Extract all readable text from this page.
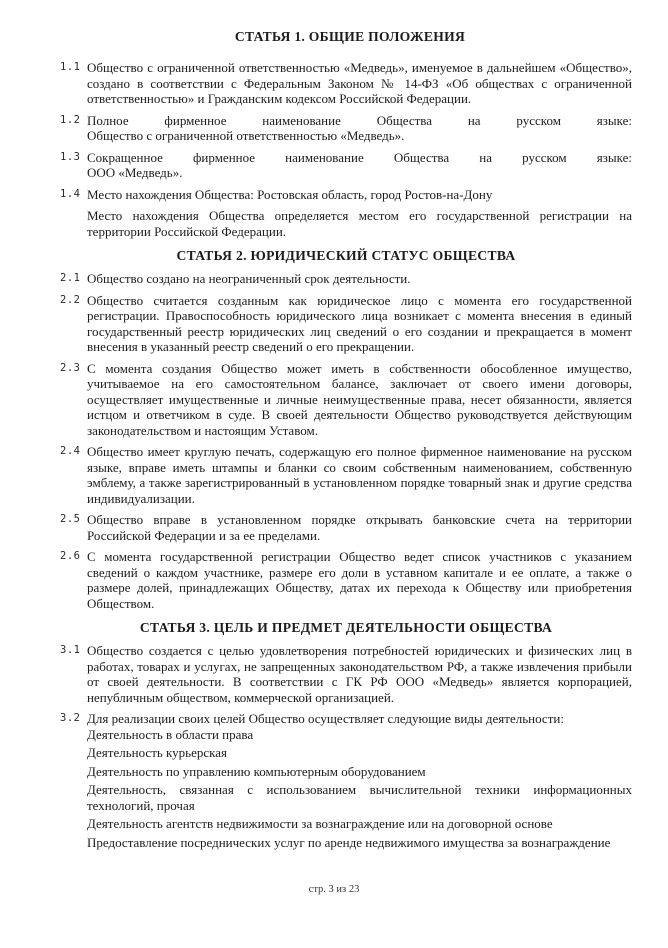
СТАТЬЯ 1. ОБЩИЕ ПОЛОЖЕНИЯ
1.1 Общество с ограниченной ответственностью «Медведь», именуемое в дальнейшем «Общество», создано в соответствии с Федеральным Законом № 14-ФЗ «Об обществах с ограниченной ответственностью» и Гражданским кодексом Российской Федерации.
1.2 Полное фирменное наименование Общества на русском языке:
Общество с ограниченной ответственностью «Медведь».
1.3 Сокращенное фирменное наименование Общества на русском языке:
ООО «Медведь».
1.4 Место нахождения Общества: Ростовская область, город Ростов-на-Дону
Место нахождения Общества определяется местом его государственной регистрации на территории Российской Федерации.
СТАТЬЯ 2. ЮРИДИЧЕСКИЙ СТАТУС ОБЩЕСТВА
2.1 Общество создано на неограниченный срок деятельности.
2.2 Общество считается созданным как юридическое лицо с момента его государственной регистрации. Правоспособность юридического лица возникает с момента внесения в единый государственный реестр юридических лиц сведений о его создании и прекращается в момент внесения в указанный реестр сведений о его прекращении.
2.3 С момента создания Общество может иметь в собственности обособленное имущество, учитываемое на его самостоятельном балансе, заключает от своего имени договоры, осуществляет имущественные и личные неимущественные права, несет обязанности, является истцом и ответчиком в суде. В своей деятельности Общество руководствуется действующим законодательством и настоящим Уставом.
2.4 Общество имеет круглую печать, содержащую его полное фирменное наименование на русском языке, вправе иметь штампы и бланки со своим собственным наименованием, собственную эмблему, а также зарегистрированный в установленном порядке товарный знак и другие средства индивидуализации.
2.5 Общество вправе в установленном порядке открывать банковские счета на территории Российской Федерации и за ее пределами.
2.6 С момента государственной регистрации Общество ведет список участников с указанием сведений о каждом участнике, размере его доли в уставном капитале и ее оплате, а также о размере долей, принадлежащих Обществу, датах их перехода к Обществу или приобретения Обществом.
СТАТЬЯ 3. ЦЕЛЬ И ПРЕДМЕТ ДЕЯТЕЛЬНОСТИ ОБЩЕСТВА
3.1 Общество создается с целью удовлетворения потребностей юридических и физических лиц в работах, товарах и услугах, не запрещенных законодательством РФ, а также извлечения прибыли от своей деятельности. В соответствии с ГК РФ ООО «Медведь» является корпорацией, непубличным обществом, коммерческой организацией.
3.2 Для реализации своих целей Общество осуществляет следующие виды деятельности:
Деятельность в области права
Деятельность курьерская
Деятельность по управлению компьютерным оборудованием
Деятельность, связанная с использованием вычислительной техники информационных технологий, прочая
Деятельность агентств недвижимости за вознаграждение или на договорной основе
Предоставление посреднических услуг по аренде недвижимого имущества за вознаграждение
стр. 3 из 23
